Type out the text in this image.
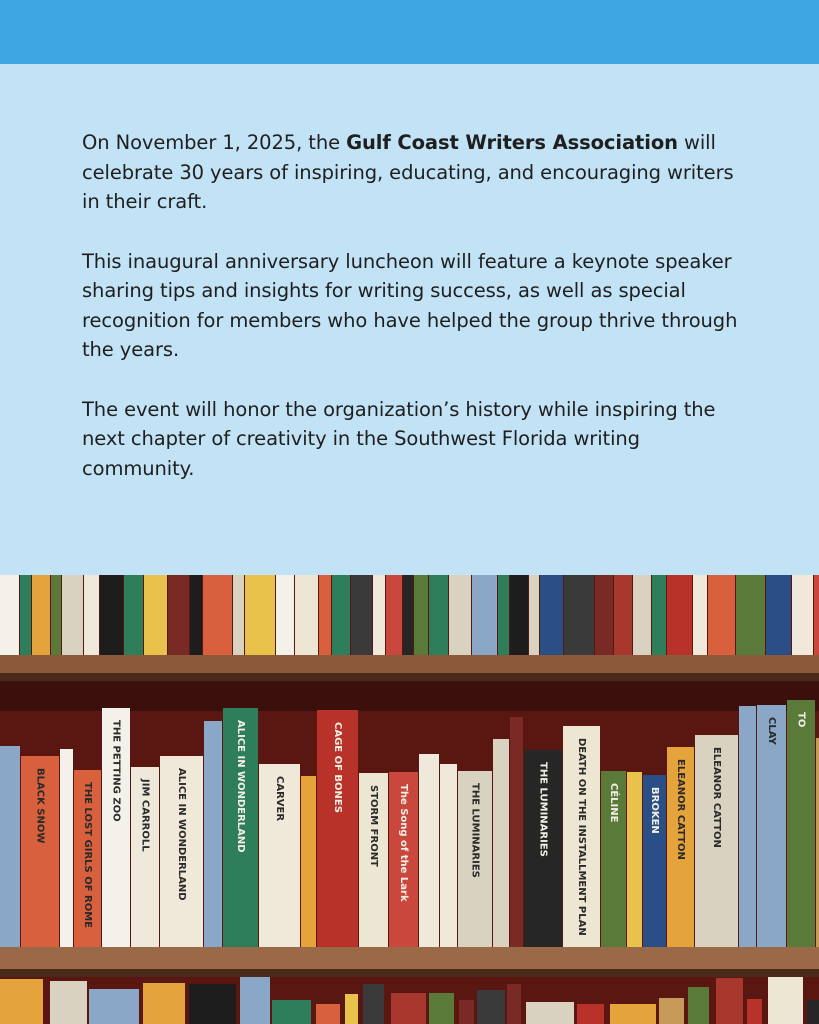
On November 1, 2025, the Gulf Coast Writers Association will celebrate 30 years of inspiring, educating, and encouraging writers in their craft.

This inaugural anniversary luncheon will feature a keynote speaker sharing tips and insights for writing success, as well as special recognition for members who have helped the group thrive through the years.

The event will honor the organization’s history while inspiring the next chapter of creativity in the Southwest Florida writing community.

BLACK SNOW	THE LOST GIRLS OF ROME
THE PETTING ZOO JIM CARROLL	ALICE IN WONDERLAND	ALICE IN WONDERLAND	CARVER	CAGE OF BONES
STORM FRONT The Song of the Lark	THE LUMINARIES	THE LUMINARIES	DEATH ON THE INSTALLMENT PLAN CÉLINE	BROKEN ELEANOR CATTON	ELEANOR CATTON
CLAY TO
